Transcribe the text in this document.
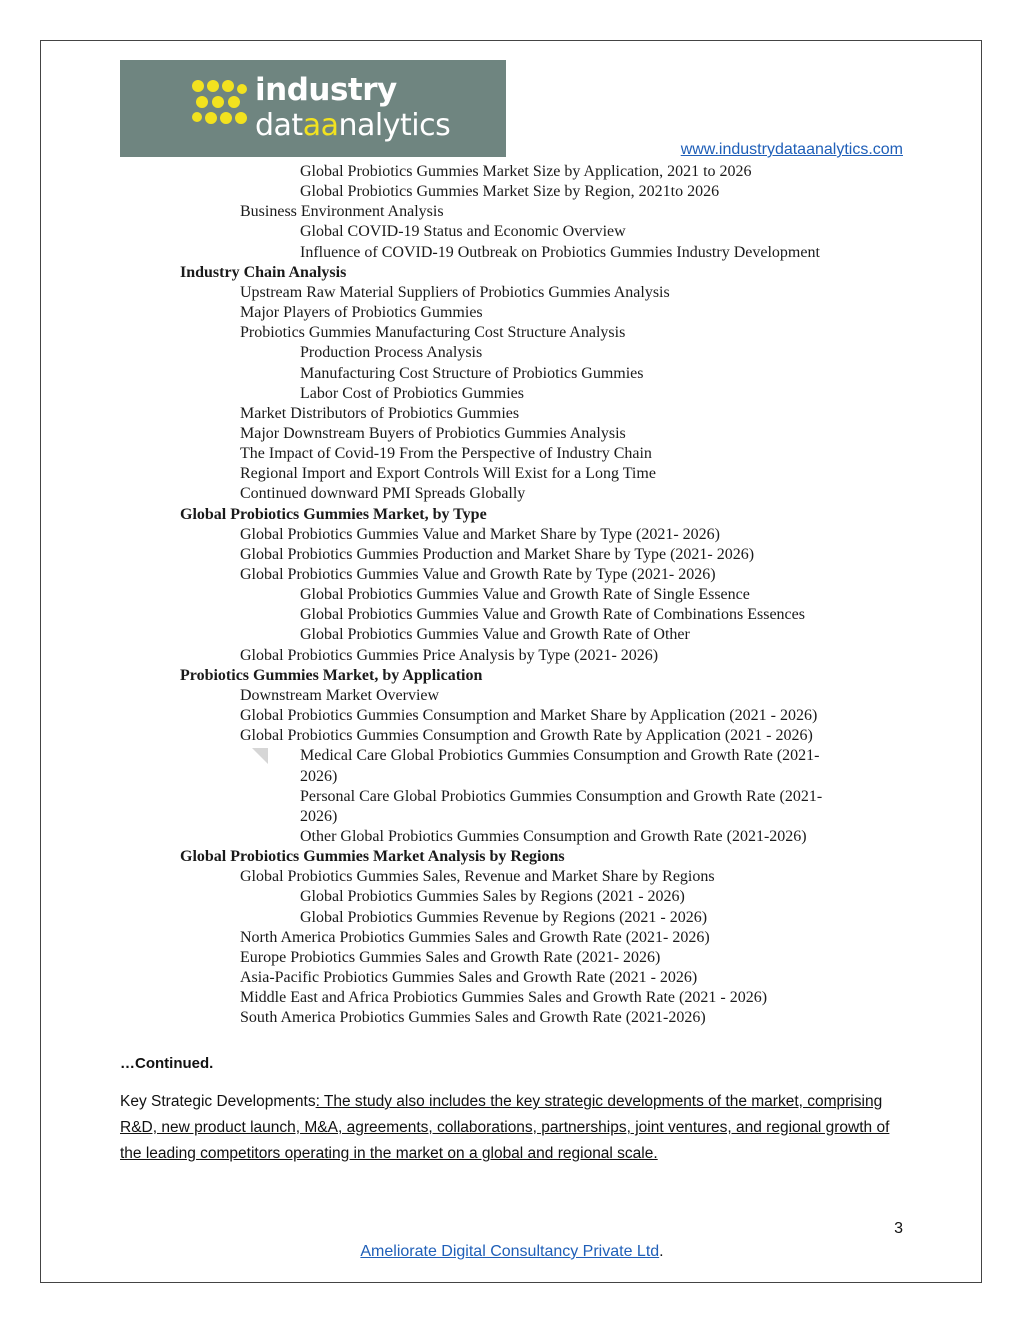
industry
dataanalytics
www.industrydataanalytics.com
Global Probiotics Gummies Market Size by Application, 2021 to 2026
Global Probiotics Gummies Market Size by Region, 2021to 2026
Business Environment Analysis
Global COVID-19 Status and Economic Overview
Influence of COVID-19 Outbreak on Probiotics Gummies Industry Development
Industry Chain Analysis
Upstream Raw Material Suppliers of Probiotics Gummies Analysis
Major Players of Probiotics Gummies
Probiotics Gummies Manufacturing Cost Structure Analysis
Production Process Analysis
Manufacturing Cost Structure of Probiotics Gummies
Labor Cost of Probiotics Gummies
Market Distributors of Probiotics Gummies
Major Downstream Buyers of Probiotics Gummies Analysis
The Impact of Covid-19 From the Perspective of Industry Chain
Regional Import and Export Controls Will Exist for a Long Time
Continued downward PMI Spreads Globally
Global Probiotics Gummies Market, by Type
Global Probiotics Gummies Value and Market Share by Type (2021- 2026)
Global Probiotics Gummies Production and Market Share by Type (2021- 2026)
Global Probiotics Gummies Value and Growth Rate by Type (2021- 2026)
Global Probiotics Gummies Value and Growth Rate of Single Essence
Global Probiotics Gummies Value and Growth Rate of Combinations Essences
Global Probiotics Gummies Value and Growth Rate of Other
Global Probiotics Gummies Price Analysis by Type (2021- 2026)
Probiotics Gummies Market, by Application
Downstream Market Overview
Global Probiotics Gummies Consumption and Market Share by Application (2021 - 2026)
Global Probiotics Gummies Consumption and Growth Rate by Application (2021 - 2026)
Medical Care Global Probiotics Gummies Consumption and Growth Rate (2021-
2026)
Personal Care Global Probiotics Gummies Consumption and Growth Rate (2021-
2026)
Other Global Probiotics Gummies Consumption and Growth Rate (2021-2026)
Global Probiotics Gummies Market Analysis by Regions
Global Probiotics Gummies Sales, Revenue and Market Share by Regions
Global Probiotics Gummies Sales by Regions (2021 - 2026)
Global Probiotics Gummies Revenue by Regions (2021 - 2026)
North America Probiotics Gummies Sales and Growth Rate (2021- 2026)
Europe Probiotics Gummies Sales and Growth Rate (2021- 2026)
Asia-Pacific Probiotics Gummies Sales and Growth Rate (2021 - 2026)
Middle East and Africa Probiotics Gummies Sales and Growth Rate (2021 - 2026)
South America Probiotics Gummies Sales and Growth Rate (2021-2026)
…Continued.
Key Strategic Developments: The study also includes the key strategic developments of the market, comprising R&D, new product launch, M&A, agreements, collaborations, partnerships, joint ventures, and regional growth of the leading competitors operating in the market on a global and regional scale.
3
Ameliorate Digital Consultancy Private Ltd.
